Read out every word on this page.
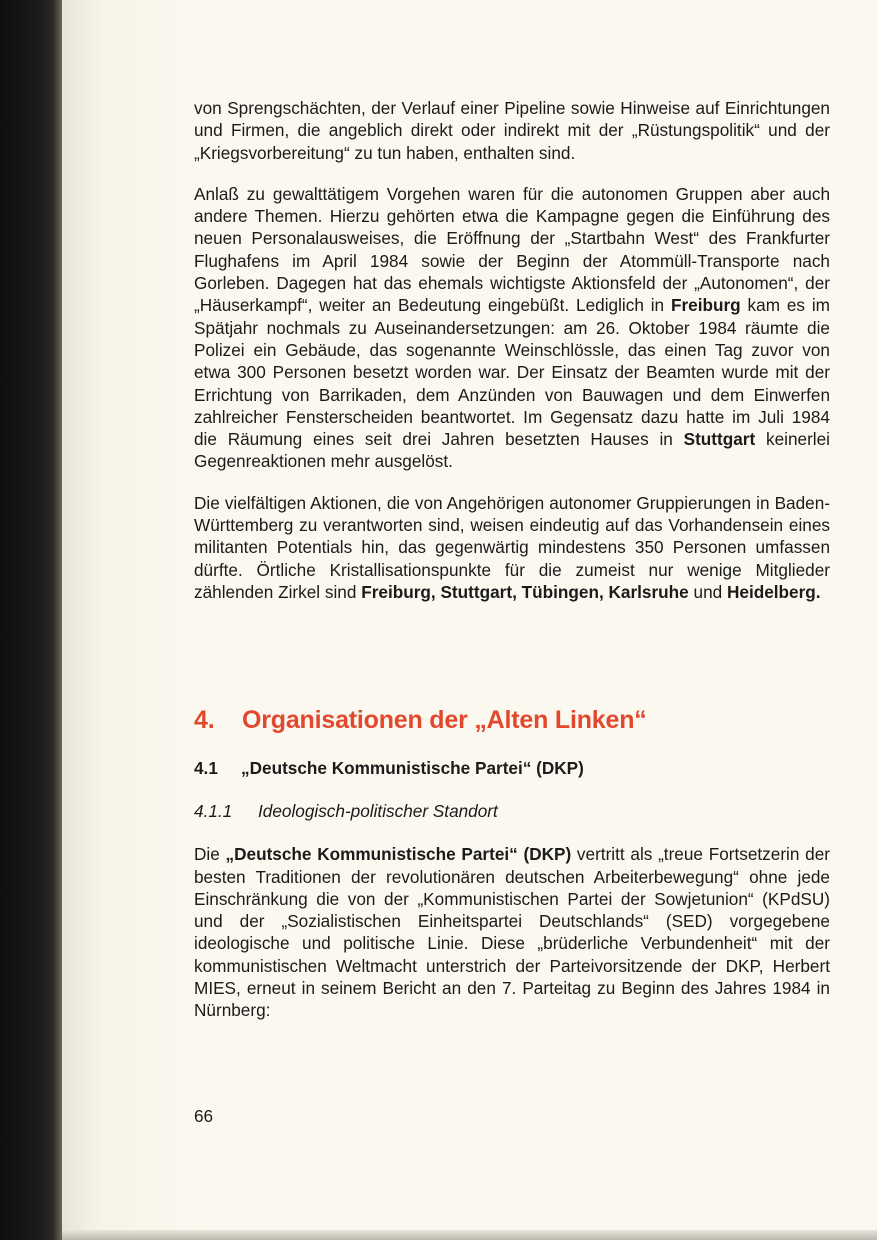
von Sprengschächten, der Verlauf einer Pipeline sowie Hinweise auf Einrichtungen und Firmen, die angeblich direkt oder indirekt mit der „Rüstungspolitik“ und der „Kriegsvorbereitung“ zu tun haben, enthalten sind.

Anlaß zu gewalttätigem Vorgehen waren für die autonomen Gruppen aber auch andere Themen. Hierzu gehörten etwa die Kampagne gegen die Einführung des neuen Personalausweises, die Eröffnung der „Startbahn West“ des Frankfurter Flughafens im April 1984 sowie der Beginn der Atommüll-Transporte nach Gorleben. Dagegen hat das ehemals wichtigste Aktionsfeld der „Autonomen“, der „Häuserkampf“, weiter an Bedeutung eingebüßt. Lediglich in Freiburg kam es im Spätjahr nochmals zu Auseinandersetzungen: am 26. Oktober 1984 räumte die Polizei ein Gebäude, das sogenannte Weinschlössle, das einen Tag zuvor von etwa 300 Personen besetzt worden war. Der Einsatz der Beamten wurde mit der Errichtung von Barrikaden, dem Anzünden von Bauwagen und dem Einwerfen zahlreicher Fensterscheiden beantwortet. Im Gegensatz dazu hatte im Juli 1984 die Räumung eines seit drei Jahren besetzten Hauses in Stuttgart keinerlei Gegenreaktionen mehr ausgelöst.

Die vielfältigen Aktionen, die von Angehörigen autonomer Gruppierungen in Baden-Württemberg zu verantworten sind, weisen eindeutig auf das Vorhandensein eines militanten Potentials hin, das gegenwärtig mindestens 350 Personen umfassen dürfte. Örtliche Kristallisationspunkte für die zumeist nur wenige Mitglieder zählenden Zirkel sind Freiburg, Stuttgart, Tübingen, Karlsruhe und Heidelberg.

4. Organisationen der „Alten Linken“
4.1 „Deutsche Kommunistische Partei“ (DKP)
4.1.1 Ideologisch-politischer Standort

Die „Deutsche Kommunistische Partei“ (DKP) vertritt als „treue Fortsetzerin der besten Traditionen der revolutionären deutschen Arbeiterbewegung“ ohne jede Einschränkung die von der „Kommunistischen Partei der Sowjetunion“ (KPdSU) und der „Sozialistischen Einheitspartei Deutschlands“ (SED) vorgegebene ideologische und politische Linie. Diese „brüderliche Verbundenheit“ mit der kommunistischen Weltmacht unterstrich der Parteivorsitzende der DKP, Herbert MIES, erneut in seinem Bericht an den 7. Parteitag zu Beginn des Jahres 1984 in Nürnberg:

66
